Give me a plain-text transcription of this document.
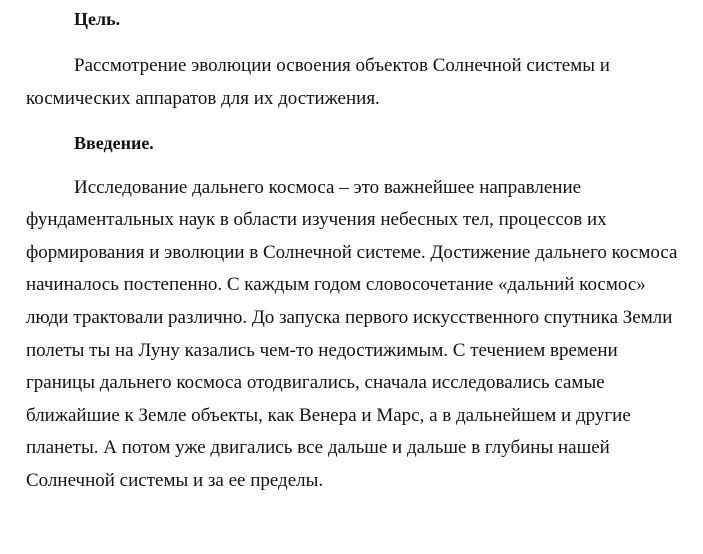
Цель.
Рассмотрение эволюции освоения объектов Солнечной системы и
космических аппаратов для их достижения.
Введение.
Исследование дальнего космоса – это важнейшее направление
фундаментальных наук в области изучения небесных тел, процессов их
формирования и эволюции в Солнечной системе. Достижение дальнего космоса
начиналось постепенно. С каждым годом словосочетание «дальний космос»
люди трактовали различно. До запуска первого искусственного спутника Земли
полеты ты на Луну казались чем-то недостижимым. С течением времени
границы дальнего космоса отодвигались, сначала исследовались самые
ближайшие к Земле объекты, как Венера и Марс, а в дальнейшем и другие
планеты. А потом уже двигались все дальше и дальше в глубины нашей
Солнечной системы и за ее пределы.
